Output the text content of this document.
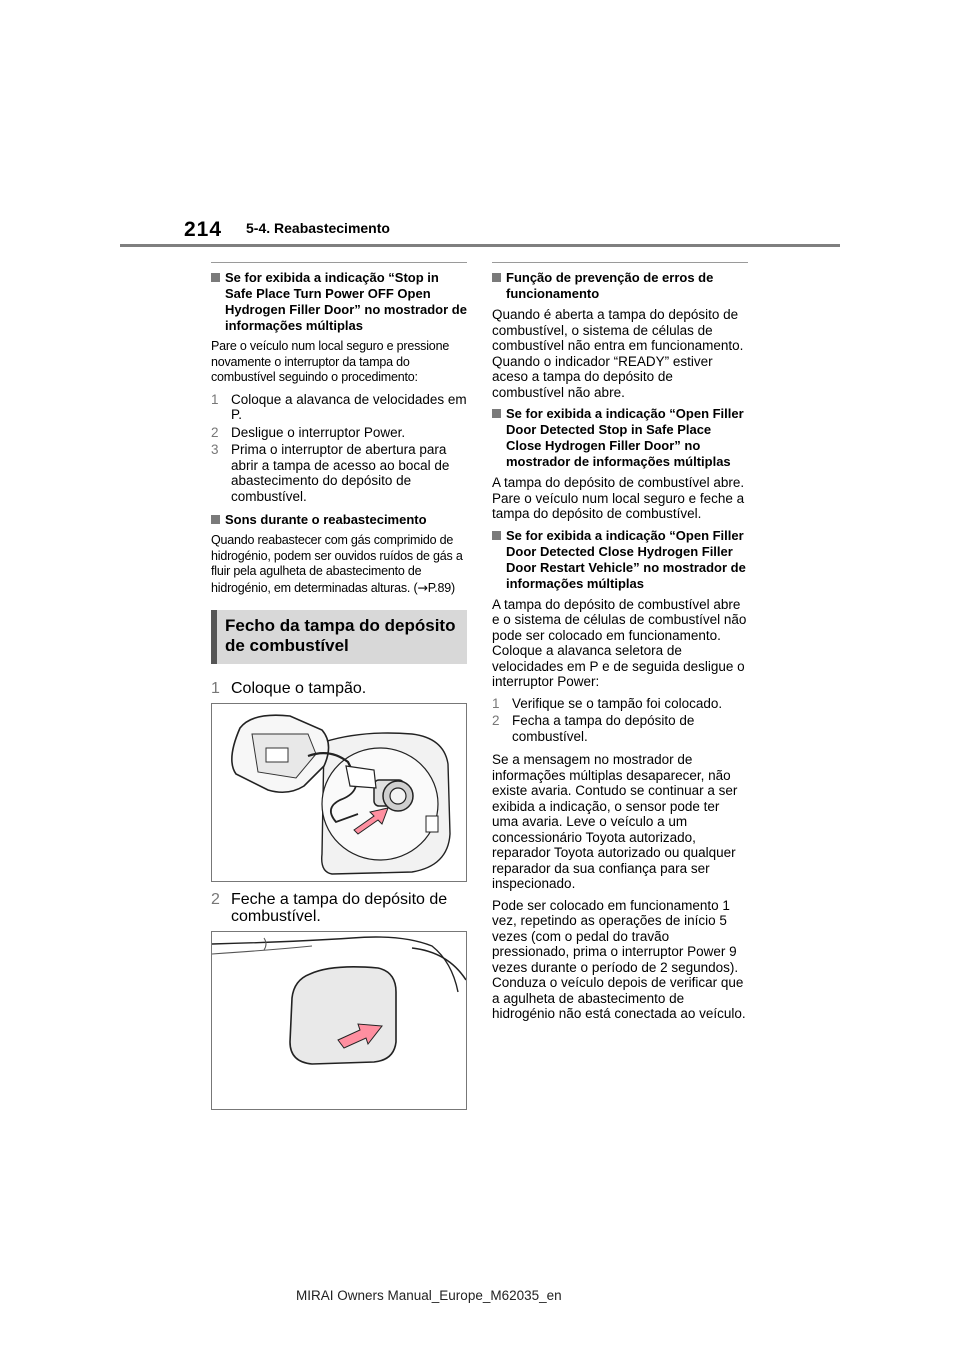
214 5-4. Reabastecimento
Se for exibida a indicação “Stop in Safe Place Turn Power OFF Open Hydrogen Filler Door” no mostrador de informações múltiplas

Pare o veículo num local seguro e pressione novamente o interruptor da tampa do combustível seguindo o procedimento:

1 Coloque a alavanca de velocidades em P.
2 Desligue o interruptor Power.
3 Prima o interruptor de abertura para abrir a tampa de acesso ao bocal de abastecimento do depósito de combustível.
Sons durante o reabastecimento

Quando reabastecer com gás comprimido de hidrogénio, podem ser ouvidos ruídos de gás a fluir pela agulheta de abastecimento de hidrogénio, em determinadas alturas. (→P.89)

Fecho da tampa do depósito de combustível
1 Coloque o tampão.
2 Feche a tampa do depósito de combustível.
Função de prevenção de erros de funcionamento

Quando é aberta a tampa do depósito de combustível, o sistema de células de combustível não entra em funcionamento. Quando o indicador “READY” estiver aceso a tampa do depósito de combustível não abre.

Se for exibida a indicação “Open Filler Door Detected Stop in Safe Place Close Hydrogen Filler Door” no mostrador de informações múltiplas

A tampa do depósito de combustível abre. Pare o veículo num local seguro e feche a tampa do depósito de combustível.

Se for exibida a indicação “Open Filler Door Detected Close Hydrogen Filler Door Restart Vehicle” no mostrador de informações múltiplas

A tampa do depósito de combustível abre e o sistema de células de combustível não pode ser colocado em funcionamento. Coloque a alavanca seletora de velocidades em P e de seguida desligue o interruptor Power:

1 Verifique se o tampão foi colocado.
2 Fecha a tampa do depósito de combustível.

Se a mensagem no mostrador de informações múltiplas desaparecer, não existe avaria. Contudo se continuar a ser exibida a indicação, o sensor pode ter uma avaria. Leve o veículo a um concessionário Toyota autorizado, reparador Toyota autorizado ou qualquer reparador da sua confiança para ser inspecionado.

Pode ser colocado em funcionamento 1 vez, repetindo as operações de início 5 vezes (com o pedal do travão pressionado, prima o interruptor Power 9 vezes durante o período de 2 segundos). Conduza o veículo depois de verificar que a agulheta de abastecimento de hidrogénio não está conectada ao veículo.

MIRAI Owners Manual_Europe_M62035_en
